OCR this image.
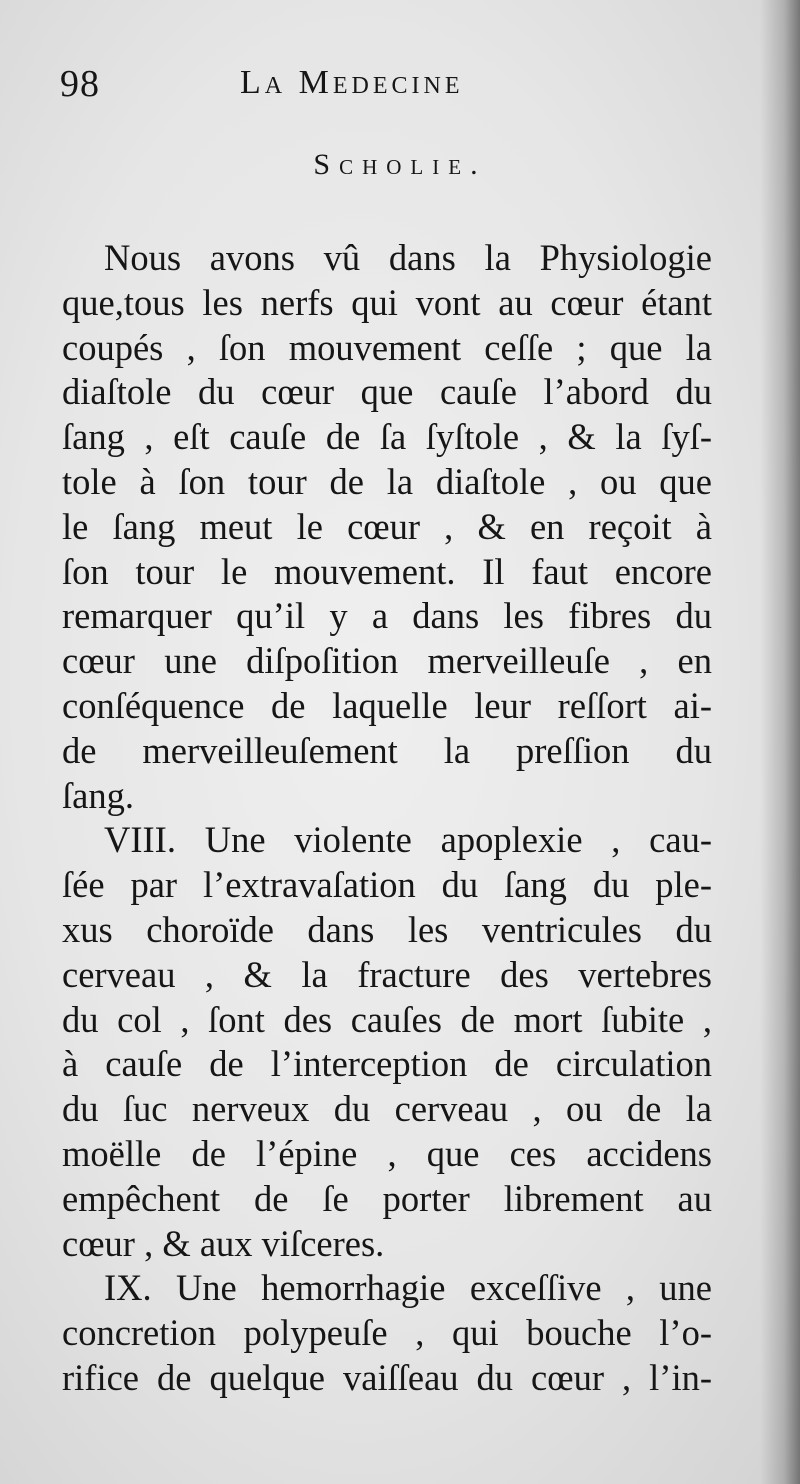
98	La Medecine
Scholie.
Nous avons vû dans la Physiologie
que,tous les nerfs qui vont au cœur étant
coupés , ſon mouvement ceſſe ; que la
diaſtole du cœur que cauſe l’abord du
ſang , eſt cauſe de ſa ſyſtole , & la ſyſ-
tole à ſon tour de la diaſtole , ou que
le ſang meut le cœur , & en reçoit à
ſon tour le mouvement. Il faut encore
remarquer qu’il y a dans les fibres du
cœur une diſpoſition merveilleuſe , en
conſéquence de laquelle leur reſſort ai-
de merveilleuſement la preſſion du
ſang.
VIII. Une violente apoplexie , cau-
ſée par l’extravaſation du ſang du ple-
xus choroïde dans les ventricules du
cerveau , & la fracture des vertebres
du col , ſont des cauſes de mort ſubite ,
à cauſe de l’interception de circulation
du ſuc nerveux du cerveau , ou de la
moëlle de l’épine , que ces accidens
empêchent de ſe porter librement au
cœur , & aux viſceres.
IX. Une hemorrhagie exceſſive , une
concretion polypeuſe , qui bouche l’o-
rifice de quelque vaiſſeau du cœur , l’in-
